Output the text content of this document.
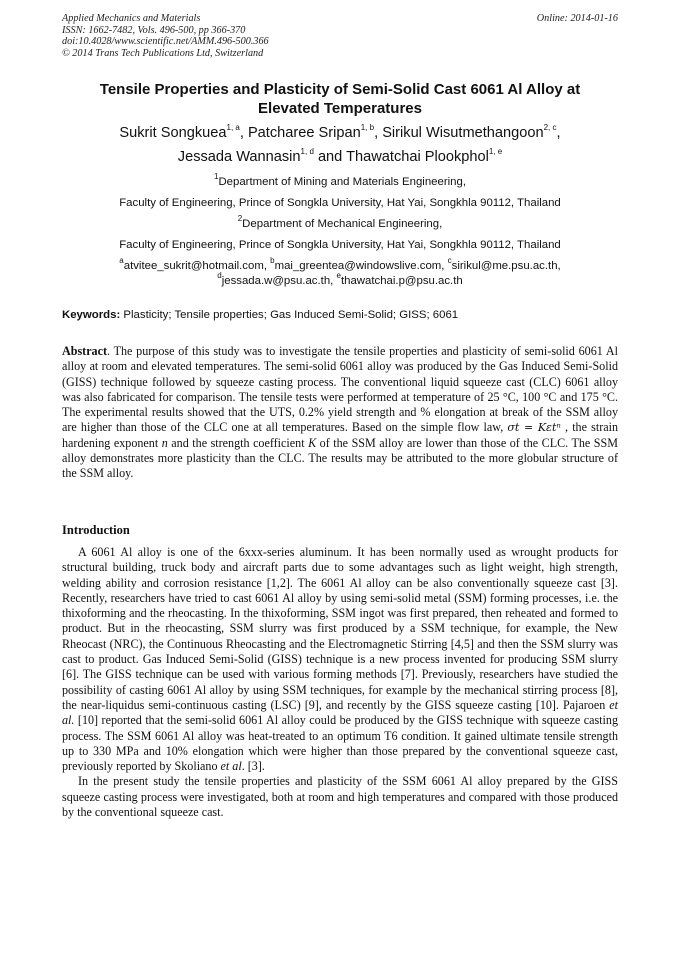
Applied Mechanics and Materials
ISSN: 1662-7482, Vols. 496-500, pp 366-370
doi:10.4028/www.scientific.net/AMM.496-500.366
© 2014 Trans Tech Publications Ltd, Switzerland
Online: 2014-01-16
Tensile Properties and Plasticity of Semi-Solid Cast 6061 Al Alloy at
Elevated Temperatures
Sukrit Songkuea$^{1, a}$, Patcharee Sripan$^{1, b}$, Sirikul Wisutmethangoon$^{2, c}$,
Jessada Wannasin$^{1, d}$ and Thawatchai Plookphol$^{1, e}$
$^1$Department of Mining and Materials Engineering,
Faculty of Engineering, Prince of Songkla University, Hat Yai, Songkhla 90112, Thailand
$^2$Department of Mechanical Engineering,
Faculty of Engineering, Prince of Songkla University, Hat Yai, Songkhla 90112, Thailand
$^a$atvitee_sukrit@hotmail.com, $^b$mai_greentea@windowslive.com, $^c$sirikul@me.psu.ac.th,
$^d$jessada.w@psu.ac.th, $^e$thawatchai.p@psu.ac.th
Keywords: Plasticity; Tensile properties; Gas Induced Semi-Solid; GISS; 6061
Abstract. The purpose of this study was to investigate the tensile properties and plasticity of semi-solid 6061 Al alloy at room and elevated temperatures. The semi-solid 6061 alloy was produced by the Gas Induced Semi-Solid (GISS) technique followed by squeeze casting process. The conventional liquid squeeze cast (CLC) 6061 alloy was also fabricated for comparison. The tensile tests were performed at temperature of 25 °C, 100 °C and 175 °C. The experimental results showed that the UTS, 0.2% yield strength and % elongation at break of the SSM alloy are higher than those of the CLC one at all temperatures. Based on the simple flow law, σt = Kεtⁿ , the strain hardening exponent n and the strength coefficient K of the SSM alloy are lower than those of the CLC. The SSM alloy demonstrates more plasticity than the CLC. The results may be attributed to the more globular structure of the SSM alloy.
Introduction

A 6061 Al alloy is one of the 6xxx-series aluminum. It has been normally used as wrought products for structural building, truck body and aircraft parts due to some advantages such as light weight, high strength, welding ability and corrosion resistance [1,2]. The 6061 Al alloy can be also conventionally squeeze cast [3]. Recently, researchers have tried to cast 6061 Al alloy by using semi-solid metal (SSM) forming processes, i.e. the thixoforming and the rheocasting. In the thixoforming, SSM ingot was first prepared, then reheated and formed to product. But in the rheocasting, SSM slurry was first produced by a SSM technique, for example, the New Rheocast (NRC), the Continuous Rheocasting and the Electromagnetic Stirring [4,5] and then the SSM slurry was cast to product. Gas Induced Semi-Solid (GISS) technique is a new process invented for producing SSM slurry [6]. The GISS technique can be used with various forming methods [7]. Previously, researchers have studied the possibility of casting 6061 Al alloy by using SSM techniques, for example by the mechanical stirring process [8], the near-liquidus semi-continuous casting (LSC) [9], and recently by the GISS squeeze casting [10]. Pajaroen et al. [10] reported that the semi-solid 6061 Al alloy could be produced by the GISS technique with squeeze casting process. The SSM 6061 Al alloy was heat-treated to an optimum T6 condition. It gained ultimate tensile strength up to 330 MPa and 10% elongation which were higher than those prepared by the conventional squeeze cast, previously reported by Skoliano et al. [3].

In the present study the tensile properties and plasticity of the SSM 6061 Al alloy prepared by the GISS squeeze casting process were investigated, both at room and high temperatures and compared with those produced by the conventional squeeze cast.
